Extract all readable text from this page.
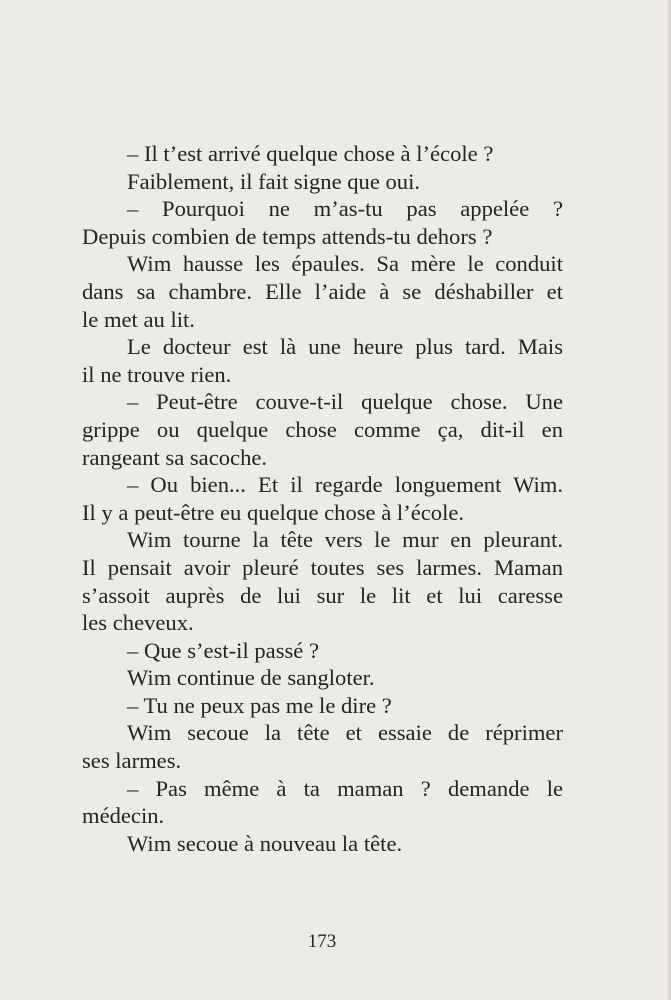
– Il t’est arrivé quelque chose à l’école ?
Faiblement, il fait signe que oui.
– Pourquoi ne m’as-tu pas appelée ?
Depuis combien de temps attends-tu dehors ?
Wim hausse les épaules. Sa mère le conduit
dans sa chambre. Elle l’aide à se déshabiller et
le met au lit.
Le docteur est là une heure plus tard. Mais
il ne trouve rien.
– Peut-être couve-t-il quelque chose. Une
grippe ou quelque chose comme ça, dit-il en
rangeant sa sacoche.
– Ou bien... Et il regarde longuement Wim.
Il y a peut-être eu quelque chose à l’école.
Wim tourne la tête vers le mur en pleurant.
Il pensait avoir pleuré toutes ses larmes. Maman
s’assoit auprès de lui sur le lit et lui caresse
les cheveux.
– Que s’est-il passé ?
Wim continue de sangloter.
– Tu ne peux pas me le dire ?
Wim secoue la tête et essaie de réprimer
ses larmes.
– Pas même à ta maman ? demande le
médecin.
Wim secoue à nouveau la tête.
173
